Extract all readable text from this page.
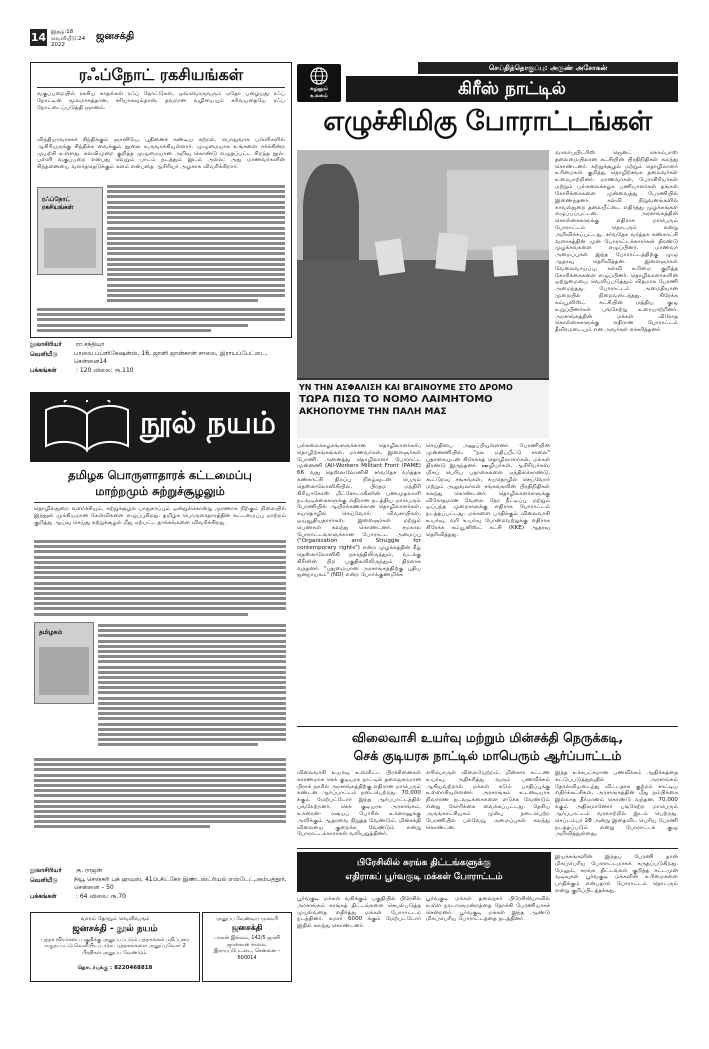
14 இதழ்:18
வெளியீடு:24
2022
ஜனசக்தி
ரஃப்நோட் ரகசியங்கள்

வகுப்பறையில் ரகசிய காதல்கள் ரஃப் நோட்டுகள், ஒவ்வொருவரும் ஏதோ பழையது ரஃப் நோட்டின் மூலமாகத்தான், சரியாகவும்தான், தவறான வழியையும் சரிவயதையே ரஃப் நோட்டைப்படுத்தி ஞானம்.

ரஃப்நோட்
ரகசியங்கள்

விந்தியாவாசகச் சிந்திக்கும் ஞானியே, புதினைச் சுண்டிய கற்றல், பொதுவாக பள்ளிகளில் ஆசிரியருக்கு சிந்திக்க வைக்கும் நூலை உருவாக்கியுள்ளார். முழுமையாக உங்களை ஈர்க்கின்ற முயற்சி உள்ளது. கல்விமுறை குறித்த முழுமையான அறிவு கொண்டு எழுதப்பட்ட சிறந்த நூல். பள்ளி வகுப்பறை என்பது வெறும் பாடம் நடத்தும் இடம் அல்ல; அது மாணவர்களின் சிந்தனையை வளர்த்தெடுக்கும் களம் என்பதை ஆசிரியர் அழகாக விவரிக்கிறார்.

நூலாசிரியர் ரா.சந்தியா
வெளியீடு	பாவை பப்ளிகேஷன்ஸ், 16, ஜானி ஜான்கான் சாலை, இராயப்பேட்டை, சென்னை14
பக்கங்கள்	: 120 விலை: ரூ.110
நூல் நயம்
தமிழக பொருளாதாரக் கட்டமைப்பு
மாற்றமும் சுற்றுச்சூழலும்

தொழில்துறை வளர்ச்சியும், சுற்றுச்சூழல் பாதுகாப்பும் ஒன்றுக்கொன்று முரணாக நிற்கும் நிலையில் இந்நூல் முக்கியமான கேள்விகளை எழுப்புகிறது. தமிழக பொருளாதாரத்தின் கட்டமைப்பு மாற்றம் குறித்து ஆய்வு செய்து சுற்றுச்சூழல் மீது ஏற்பட்ட தாக்கங்களை விவரிக்கிறது.

தமிழகம்
நூலாசிரியர் கு. ராஜன்
வெளியீடு	நியூ செஞ்சுரி புக் ஹவுஸ், 41பி,சிட்கோ இண்டஸ்ட்ரியல் எஸ்டேட்,அம்பத்தூர், சென்னை – 50
பக்கங்கள்	: 64 விலை: ரூ.70
வாரம் தோறும் வெளிவரும்
ஜனசக்தி - நூல் நயம்
புத்தக விமர்சனப் பகுதிக்கு அனுப்பப்படும் புத்தகங்கள் மதிப்புரை எழுதப்பட்டு வெளியிடப்படும். புத்தகங்களை அனுப்புவோர் 2 பிரதிகள் அனுப்ப வேண்டும்.
தொடர்புக்கு : 8220468818
அனுப்ப வேண்டிய முகவரி
ஜனசக்தி
பாலன் இல்லம், 142/5 ஜானி ஜான்கான் சாலை, இராயப்பேட்டை, சென்னை – 600014
செய்தித்தொகுப்பு: அருண் அசோகன்
சுழலும்
உலகம்	கிரீஸ் நாட்டில்
எழுச்சிமிகு போராட்டங்கள்
ΥΝ ΤΗΝ ΑΣΦΑΛΙΣΗ ΚΑΙ ΒΓΑΙΝΟΥΜΕ ΣΤΟ ΔΡΟΜΟ
ΤΩΡΑ ΠΙΣΩ ΤΟ ΝΟΜΟ ΛΑΙΜΗΤΟΜΟ
ΑΚΗΟΠΟΥΜΕ ΤΗΝ ΠΑΛΗ ΜΑΣ

பல்கலைக்கழகங்களுக்கான தொழிலாளர்கள், தொழிற்சங்கங்கள், மாணவர்கள், இளைஞர்கள் பேரணி. அனைத்து தொழிலாளர் போராட்ட முன்னணி (All-Workers Militant Front (PAME) 66 வது தெஸ்ஸலோனிகி சர்வதேச வர்த்தக கண்காட்சி திறப்பு நிகழ்வுடன் பெரும் தெஸ்ஸலோனிகியில், பிரதம மந்திரி கிரியாகோஸ் மிட்சோடாகிஸின் பணமுதலாளி நடவடிக்கைகளுக்கு எதிரான நடத்திய மாபெரும் பேரணியில் ஆயிரக்கணக்கான தொழிலாளர்கள், சுயதொழில் செய்வோர், விவசாயிகள், ஓய்வூதியதாரர்கள், இளைஞர்கள் மற்றும் பெண்கள் கலந்து கொண்டனர். சமகால போராட்டங்களுக்கான போராட்ட அமைப்பு ("Organization and Struggle for contemporary rights") என்ற முழக்கத்தின் கீழ் தெஸ்ஸலோனிகி நகரத்திலிருந்தும், வடக்கு கிரீஸின் பிற பகுதிகளிலிருந்தும் திரளாக வந்தனர். "புதுமையான அரசாங்கத்திற்கு புதிய ஜனநாயகம்" (ND) என்ற போர்க்குணமிக்க

செய்தியை அனுப்பியுள்ளனர். பேரணியின் முன்னணியில், "நல மதிப்பீட்டு சாலை" பதாகையுடன் கிரேக்கத் தொழிலாளர்கள், மக்கள் திரண்டு இருந்தனர். ஊழியர்கள், ஆசிரியர்கள், மிகப் பெரிய பதாகைகளை ஏந்திக்கொண்டு, கூட்டுறவு சங்கங்கள், சுயதொழில் செய்வோர் மற்றும் அலுவலர்கள் சங்கங்களின் பிரதிநிதிகள் கலந்து கொண்டனர். தொழிலாளர்களுக்கு விரோதமான வேலை நேர நீட்டிப்பு மற்றும் ஒப்பந்த முறைகளுக்கு எதிராக போராட்டம் நடத்தப்பட்டது. மக்களை பாதிக்கும் விலைவாசி உயர்வு, வரி உயர்வு போன்றவற்றுக்கு எதிராக கிரேக்க கம்யூனிஸ்ட் கட்சி (KKE) ஆதரவு தெரிவித்தது.

வாலர்புயிட்ரிஸ் ஜெனட் கொம்பாஸ் தலைமையிலான கட்சியின் பிரதிநிதிகள் கலந்து கொண்டனர். சுற்றுச்சூழல் மற்றும் தொழிலாளர் உரிமைகள் குறித்து தொழிற்சங்க தலைவர்கள் உரையாற்றினர். மாணவர்கள், பேராசிரியர்கள் மற்றும் பல்கலைக்கழக பணியாளர்கள் தங்கள் கோரிக்கைகளை முன்வைத்து பேரணியில் இணைந்தனர். கல்வி நிறுவனங்களில் காவல்துறை தலையீட்டை எதிர்த்து முழக்கங்கள் எழுப்பப்பட்டன. அரசாங்கத்தின் கொள்கைகளுக்கு எதிராக மாபெரும் போராட்டம் தொடரும் என்று அறிவிக்கப்பட்டது. சர்வதேச வர்த்தக கண்காட்சி வளாகத்தின் முன் போராட்டக்காரர்கள் திரண்டு முழக்கங்களை எழுப்பினர். மாணவர் அமைப்புகள் இந்த போராட்டத்திற்கு முழு ஆதரவு தெரிவித்தன. இளைஞர்கள் வேலைவாய்ப்பு, கல்வி உரிமை குறித்த கோரிக்கைகளை எழுப்பினர். தொழிலாளர்களின் ஒற்றுமையை வெளிப்படுத்தும் விதமாக பேரணி அமைந்தது. போராட்டம் அமைதியான முறையில் நிறைவடைந்தது. கிரேக்க கம்யூனிஸ்ட் கட்சியின் மத்திய குழு உறுப்பினர்கள் பங்கேற்று உரையாற்றினர். அரசாங்கத்தின் மக்கள் விரோத கொள்கைகளுக்கு எதிரான போராட்டம் தீவிரமடையும் என அவர்கள் எச்சரித்தனர்.

விலைவாசி உயர்வு மற்றும் மின்சக்தி நெருக்கடி,
செக் குடியரசு நாட்டில் மாபெரும் ஆர்ப்பாட்டம்

விலைவாசி உயர்வு உள்ளிட்ட பிரச்சினைகள் காரணமாக செக் குடியரசு நாட்டில் தலைநகரமான பிராக் நகரில் அரசாங்கத்திற்கு எதிரான மாபெரும் கண்டன ஆர்ப்பாட்டம் நடைபெற்றது. 70,000 க்கும் மேற்பட்டோர் இந்த ஆர்ப்பாட்டத்தில் பங்கேற்றனர். செக் குடியரசு அரசாங்கம், உக்ரைன்- ரஷ்யப் போரில் உக்ரைனுக்கு அளிக்கும் ஆதரவை நிறுத்த வேண்டும், மின்சக்தி விலையை குறைக்க வேண்டும் என்று போராட்டக்காரர்கள் வலியுறுத்தினர்.

எரிபொருள் விலையேற்றம், மின்சார கட்டண உயர்வு, அதிகரித்து வரும் பணவீக்கம் ஆகியவற்றால் மக்கள் கடும் பாதிப்புக்கு உள்ளாகியுள்ளனர். அரசாங்கம் உடனடியாக நிவாரண நடவடிக்கைகளை எடுக்க வேண்டும் என்று கோரிக்கை வைக்கப்பட்டது. தேசிய அருங்காட்சியகம் முன்பு நடைபெற்ற பேரணியில் பல்வேறு அமைப்புகள் கலந்து கொண்டன.

இந்த உச்சபட்சமான பணவீக்கம் ஆதிக்கத்தை கட்டுப்படுத்துவதில் அரசாங்கம் தோல்வியடைந்து விட்டதாக குற்றம் சாட்டிய எதிர்க்கட்சிகள், அரசாங்கத்தின் மீது நம்பிக்கை இல்லாத தீர்மானம் கொண்டு வந்தன. 70,000 க்கும் அதிகமானோர் பங்கேற்ற மாபெரும் ஆர்ப்பாட்டம் வரலாற்றில் இடம் பெற்றது. செப்டம்பர் 28 அன்று இதைவிட பெரிய பேரணி நடத்தப்படும் என்று போராட்டக் குழு அறிவித்துள்ளது.

பிரேசிலில் சுரங்க திட்டங்களுக்கு
எதிராகப் பூர்வகுடி மக்கள் போராட்டம்

பூர்வகுடி மக்கள் வசிக்கும் பகுதியில் பிரேசில் அரசாங்கம் சுரங்கத் திட்டங்களை செயல்படுத்த முயல்வதை எதிர்த்து மக்கள் போராட்டம் நடத்தினர். சுமார் 6000 க்கும் மேற்பட்டோர் இதில் கலந்து கொண்டனர்.

பூர்வகுடி மக்கள் தலைநகர் பிரேசிலியாவில் உள்ள நாடாளுமன்றத்தை நோக்கி பேரணியாகச் சென்றனர். பூர்வகுடி மக்கள் இந்த ஆண்டு மிகப்பெரிய போராட்டத்தை நடத்தினர்.

இயக்கங்களின் இந்தப் பேரணி தான் மிகப்பெரிய போராட்டமாகக் கருதப்படுகிறது. மேலும், சுரங்க திட்டங்கள் குறித்த சட்டமுன் வடிவுகள் பூர்வகுடி மக்களின் உரிமைகளை பாதிக்கும் என்பதால் போராட்டம் தொடரும் என்று குறிப்பிடத்தக்கது.
